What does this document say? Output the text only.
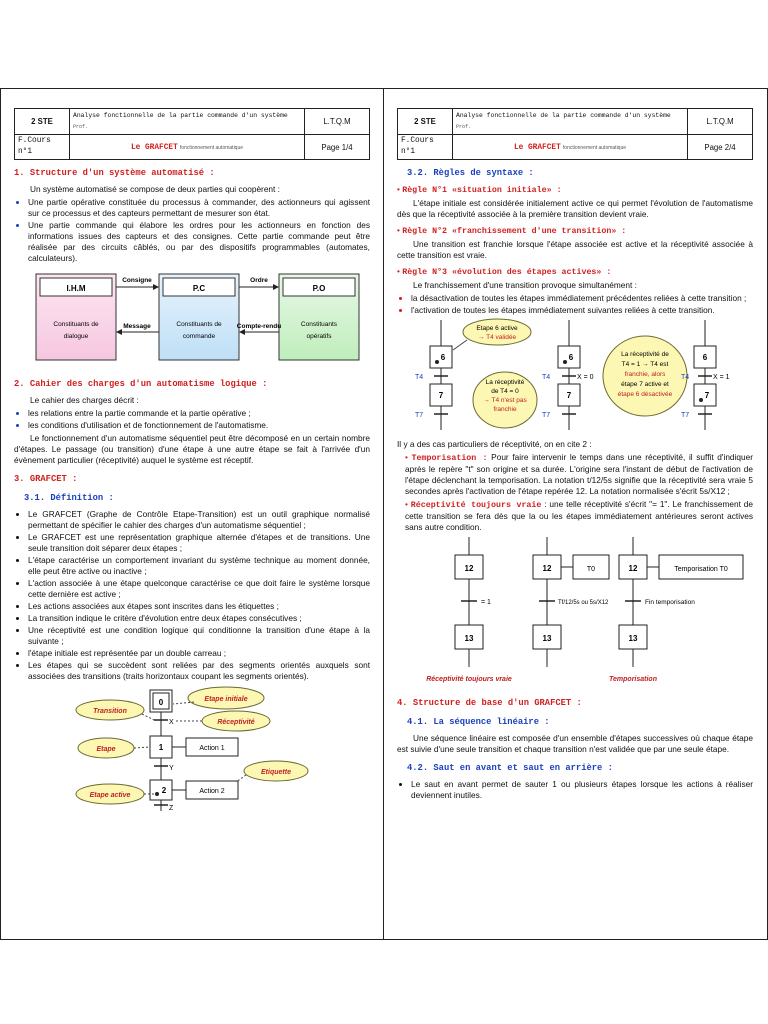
2 STE	Analyse fonctionnelle de la partie commande d'un système Prof.	L.T.Q.M
F.Cours n°1	Le GRAFCET fonctionnement automatique	Page 1/4
1. Structure d'un système automatisé :

Un système automatisé se compose de deux parties qui coopèrent :

• Une partie opérative constituée du processus à commander, des actionneurs qui agissent sur ce processus et des capteurs permettant de mesurer son état.
• Une partie commande qui élabore les ordres pour les actionneurs en fonction des informations issues des capteurs et des consignes. Cette partie commande peut être réalisée par des circuits câblés, ou par des dispositifs programmables (automates, calculateurs).
I.H.M
Constituants de
dialogue
P.C
Constituants de
commande
P.O
Constituants
opératifs
Consigne	Ordre
Message	Compte-rendu
2. Cahier des charges d'un automatisme logique :

Le cahier des charges décrit :

• les relations entre la partie commande et la partie opérative ;
• les conditions d'utilisation et de fonctionnement de l'automatisme.

Le fonctionnement d'un automatisme séquentiel peut être décomposé en un certain nombre d'étapes. Le passage (ou transition) d'une étape à une autre étape se fait à l'arrivée d'un évènement particulier (réceptivité) auquel le système est réceptif.

3. GRAFCET :
3.1. Définition :
• Le GRAFCET (Graphe de Contrôle Etape-Transition) est un outil graphique normalisé permettant de spécifier le cahier des charges d'un automatisme séquentiel ;
• Le GRAFCET est une représentation graphique alternée d'étapes et de transitions. Une seule transition doit séparer deux étapes ;
• L'étape caractérise un comportement invariant du système technique au moment donnée, elle peut être active ou inactive ;
• L'action associée à une étape quelconque caractérise ce que doit faire le système lorsque cette dernière est active ;
• Les actions associées aux étapes sont inscrites dans les étiquettes ;
• La transition indique le critère d'évolution entre deux étapes consécutives ;
• Une réceptivité est une condition logique qui conditionne la transition d'une étape à la suivante ;
• l'étape initiale est représentée par un double carreau ;
• Les étapes qui se succèdent sont reliées par des segments orientés auxquels sont associées des transitions (traits horizontaux coupant les segments orientés).
0
X
1	Action 1
Y
2	Action 2
Z
Etape initiale
Transition
Réceptivité
Etape
Etiquette
Etape active
2 STE	Analyse fonctionnelle de la partie commande d'un système Prof.	L.T.Q.M
F.Cours n°1	Le GRAFCET fonctionnement automatique	Page 2/4
3.2. Règles de syntaxe :

• Règle N°1 «situation initiale» :

L'étape initiale est considérée initialement active ce qui permet l'évolution de l'automatisme dès que la réceptivité associée à la première transition devient vraie.

• Règle N°2 «franchissement d'une transition» :

Une transition est franchie lorsque l'étape associée est active et la réceptivité associée à cette transition est vraie.

• Règle N°3 «évolution des étapes actives» :

Le franchissement d'une transition provoque simultanément :

• la désactivation de toutes les étapes immédiatement précédentes reliées à cette transition ;
• l'activation de toutes les étapes immédiatement suivantes reliées à cette transition.
6
T4
7
T7
Etape 6 active
→ T4 validée
La réceptivité
de T4 = 0
→ T4 n'est pas
franchie
6
T4	X = 0
7
T7
La réceptivité de
T4 = 1 → T4 est
franchie, alors
étape 7 active et
étape 6 désactivée
6
T4	X = 1
7
T7

Il y a des cas particuliers de réceptivité, on en cite 2 :

• Temporisation : Pour faire intervenir le temps dans une réceptivité, il suffit d'indiquer après le repère "t" son origine et sa durée. L'origine sera l'instant de début de l'activation de l'étape déclenchant la temporisation. La notation t/12/5s signifie que la réceptivité sera vraie 5 secondes après l'activation de l'étape repérée 12. La notation normalisée s'écrit 5s/X12 ;

• Réceptivité toujours vraie : une telle réceptivité s'écrit "= 1". Le franchissement de cette transition se fera dès que la ou les étapes immédiatement antérieures seront actives sans autre condition.

12
= 1
13
Réceptivité toujours vraie
12	T0
Tf/12/5s ou 5s/X12
13
12	Temporisation T0
Fin temporisation
13
Temporisation
4. Structure de base d'un GRAFCET :
4.1. La séquence linéaire :

Une séquence linéaire est composée d'un ensemble d'étapes successives où chaque étape est suivie d'une seule transition et chaque transition n'est validée que par une seule étape.

4.2. Saut en avant et saut en arrière :
• Le saut en avant permet de sauter 1 ou plusieurs étapes lorsque les actions à réaliser deviennent inutiles.
